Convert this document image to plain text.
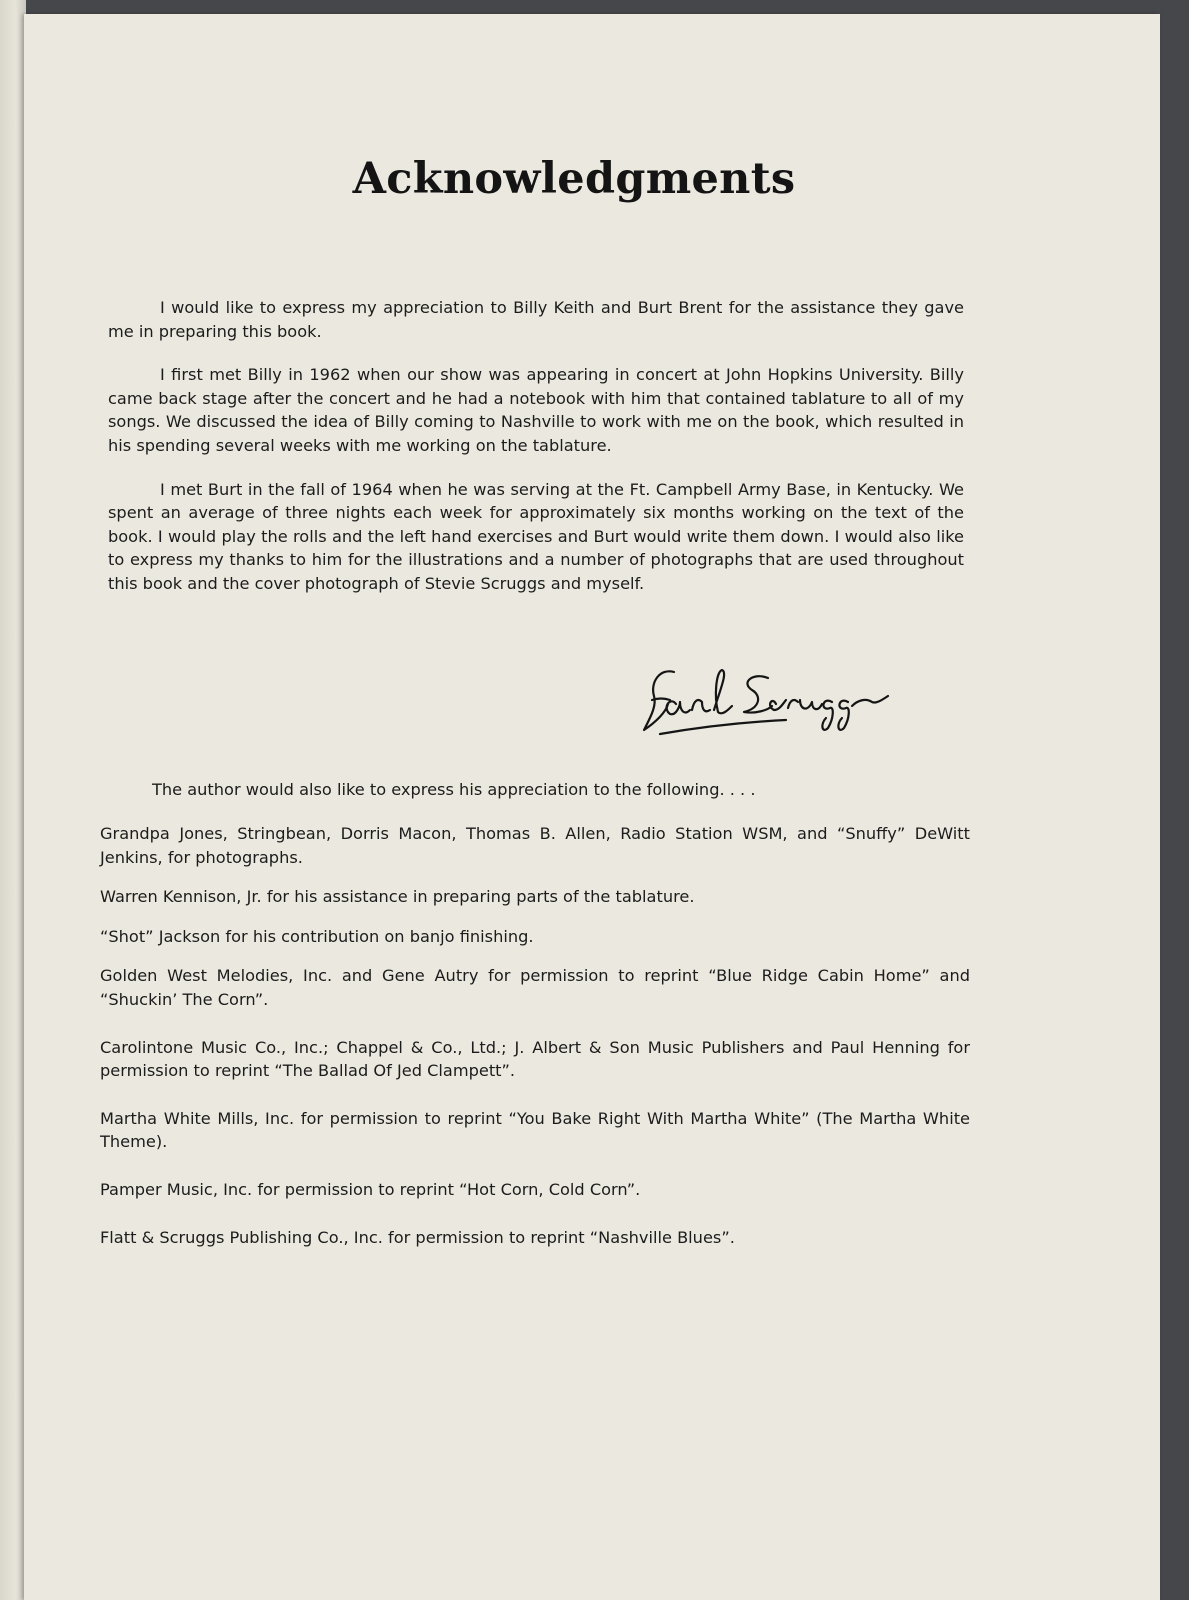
Acknowledgments

I would like to express my appreciation to Billy Keith and Burt Brent for the assistance they gave me in preparing this book.

I first met Billy in 1962 when our show was appearing in concert at John Hopkins University. Billy came back stage after the concert and he had a notebook with him that contained tablature to all of my songs. We discussed the idea of Billy coming to Nashville to work with me on the book, which resulted in his spending several weeks with me working on the tablature.

I met Burt in the fall of 1964 when he was serving at the Ft. Campbell Army Base, in Kentucky. We spent an average of three nights each week for approximately six months working on the text of the book. I would play the rolls and the left hand exercises and Burt would write them down. I would also like to express my thanks to him for the illustrations and a number of photographs that are used throughout this book and the cover photograph of Stevie Scruggs and myself.

The author would also like to express his appreciation to the following. . . .

Grandpa Jones, Stringbean, Dorris Macon, Thomas B. Allen, Radio Station WSM, and “Snuffy” DeWitt Jenkins, for photographs.

Warren Kennison, Jr. for his assistance in preparing parts of the tablature.

“Shot” Jackson for his contribution on banjo finishing.

Golden West Melodies, Inc. and Gene Autry for permission to reprint “Blue Ridge Cabin Home” and “Shuckin’ The Corn”.

Carolintone Music Co., Inc.; Chappel & Co., Ltd.; J. Albert & Son Music Publishers and Paul Henning for permission to reprint “The Ballad Of Jed Clampett”.

Martha White Mills, Inc. for permission to reprint “You Bake Right With Martha White” (The Martha White Theme).

Pamper Music, Inc. for permission to reprint “Hot Corn, Cold Corn”.

Flatt & Scruggs Publishing Co., Inc. for permission to reprint “Nashville Blues”.
